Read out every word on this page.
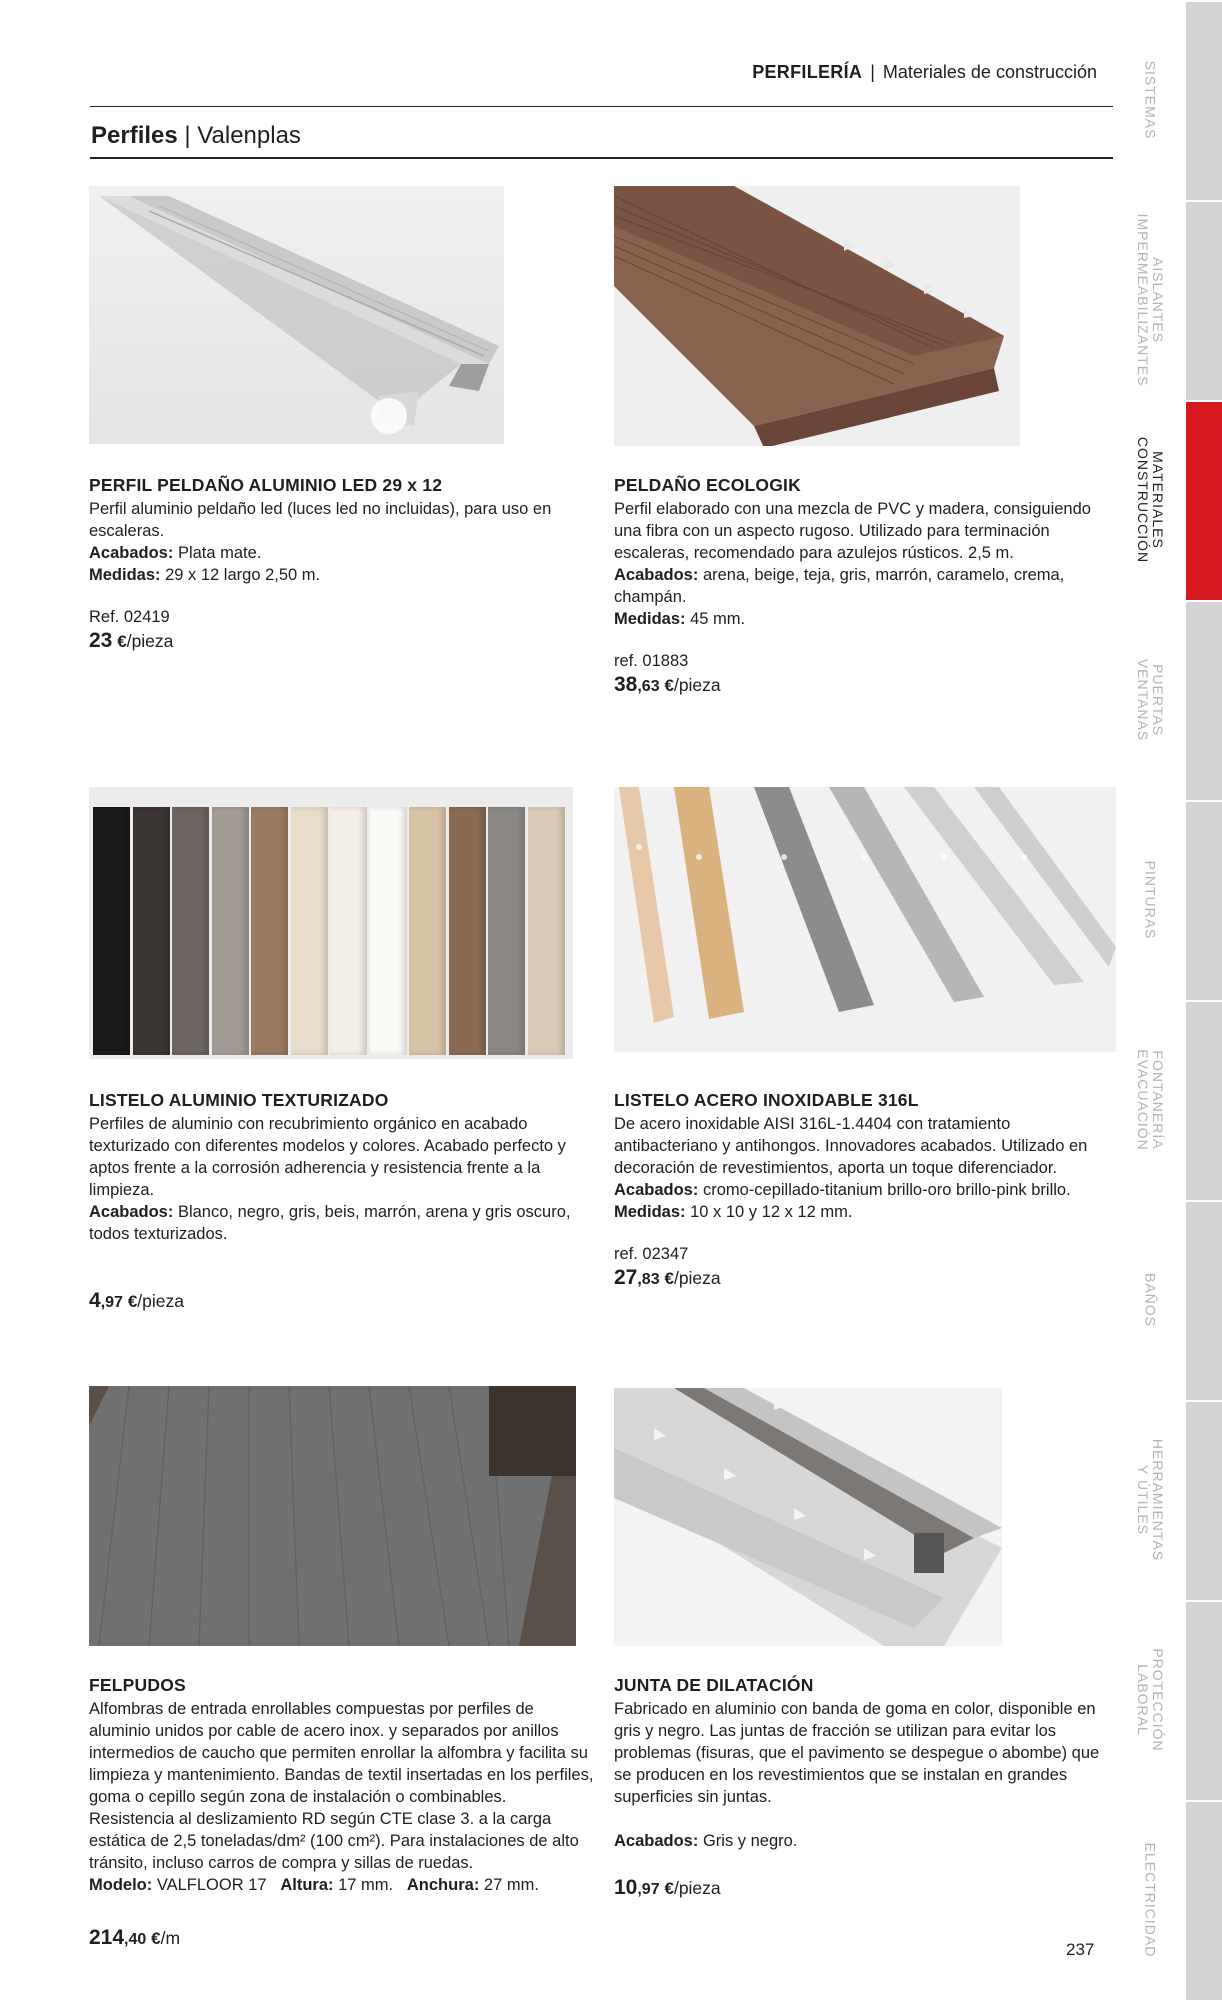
PERFILERÍA | Materiales de construcción
Perfiles | Valenplas
PERFIL PELDAÑO ALUMINIO LED 29 x 12
Perfil aluminio peldaño led (luces led no incluidas), para uso en escaleras.
Acabados: Plata mate.
Medidas: 29 x 12 largo 2,50 m.
Ref. 02419
23 €/pieza
PELDAÑO ECOLOGIK
Perfil elaborado con una mezcla de PVC y madera, consiguiendo una fibra con un aspecto rugoso. Utilizado para terminación escaleras, recomendado para azulejos rústicos. 2,5 m.
Acabados: arena, beige, teja, gris, marrón, caramelo, crema, champán.
Medidas: 45 mm.
ref. 01883
38,63 €/pieza
LISTELO ALUMINIO TEXTURIZADO
Perfiles de aluminio con recubrimiento orgánico en acabado texturizado con diferentes modelos y colores. Acabado perfecto y aptos frente a la corrosión adherencia y resistencia frente a la limpieza.
Acabados: Blanco, negro, gris, beis, marrón, arena y gris oscuro, todos texturizados.
4,97 €/pieza
LISTELO ACERO INOXIDABLE 316L
De acero inoxidable AISI 316L-1.4404 con tratamiento antibacteriano y antihongos. Innovadores acabados. Utilizado en decoración de revestimientos, aporta un toque diferenciador.
Acabados: cromo-cepillado-titanium brillo-oro brillo-pink brillo.
Medidas: 10 x 10 y 12 x 12 mm.
ref. 02347
27,83 €/pieza
FELPUDOS
Alfombras de entrada enrollables compuestas por perfiles de aluminio unidos por cable de acero inox. y separados por anillos intermedios de caucho que permiten enrollar la alfombra y facilita su limpieza y mantenimiento. Bandas de textil insertadas en los perfiles, goma o cepillo según zona de instalación o combinables. Resistencia al deslizamiento RD según CTE clase 3. a la carga estática de 2,5 toneladas/dm² (100 cm²). Para instalaciones de alto tránsito, incluso carros de compra y sillas de ruedas.
Modelo: VALFLOOR 17 Altura: 17 mm. Anchura: 27 mm.
214,40 €/m
JUNTA DE DILATACIÓN
Fabricado en aluminio con banda de goma en color, disponible en gris y negro. Las juntas de fracción se utilizan para evitar los problemas (fisuras, que el pavimento se despegue o abombe) que se producen en los revestimientos que se instalan en grandes superficies sin juntas.
Acabados: Gris y negro.
10,97 €/pieza
237
SISTEMAS
AISLANTES
IMPERMEABILIZANTES
MATERIALES
CONSTRUCCIÓN
PUERTAS
VENTANAS
PINTURAS
FONTANERÍA
EVACUACIÓN
BAÑOS
HERRAMIENTAS
Y ÚTILES
PROTECCIÓN
LABORAL
ELECTRICIDAD
